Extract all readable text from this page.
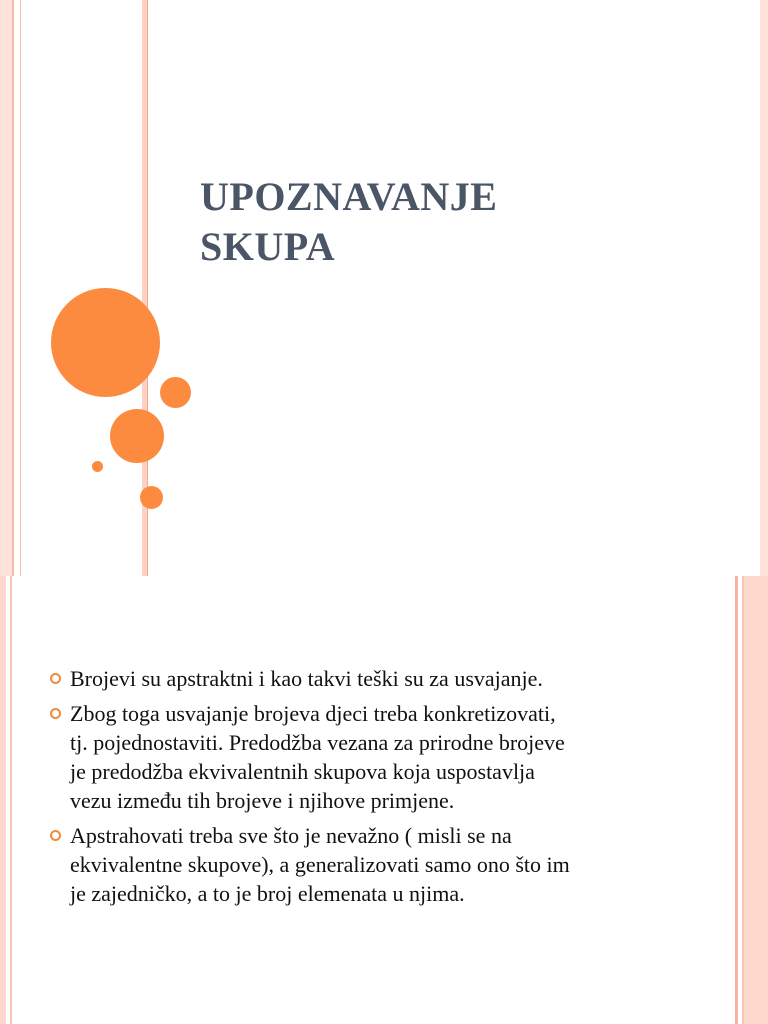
UPOZNAVANJE
SKUPA
Brojevi su apstraktni i kao takvi teški su za usvajanje.
Zbog toga usvajanje brojeva djeci treba konkretizovati,
tj. pojednostaviti. Predodžba vezana za prirodne brojeve
je predodžba ekvivalentnih skupova koja uspostavlja
vezu između tih brojeve i njihove primjene.
Apstrahovati treba sve što je nevažno ( misli se na
ekvivalentne skupove), a generalizovati samo ono što im
je zajedničko, a to je broj elemenata u njima.
